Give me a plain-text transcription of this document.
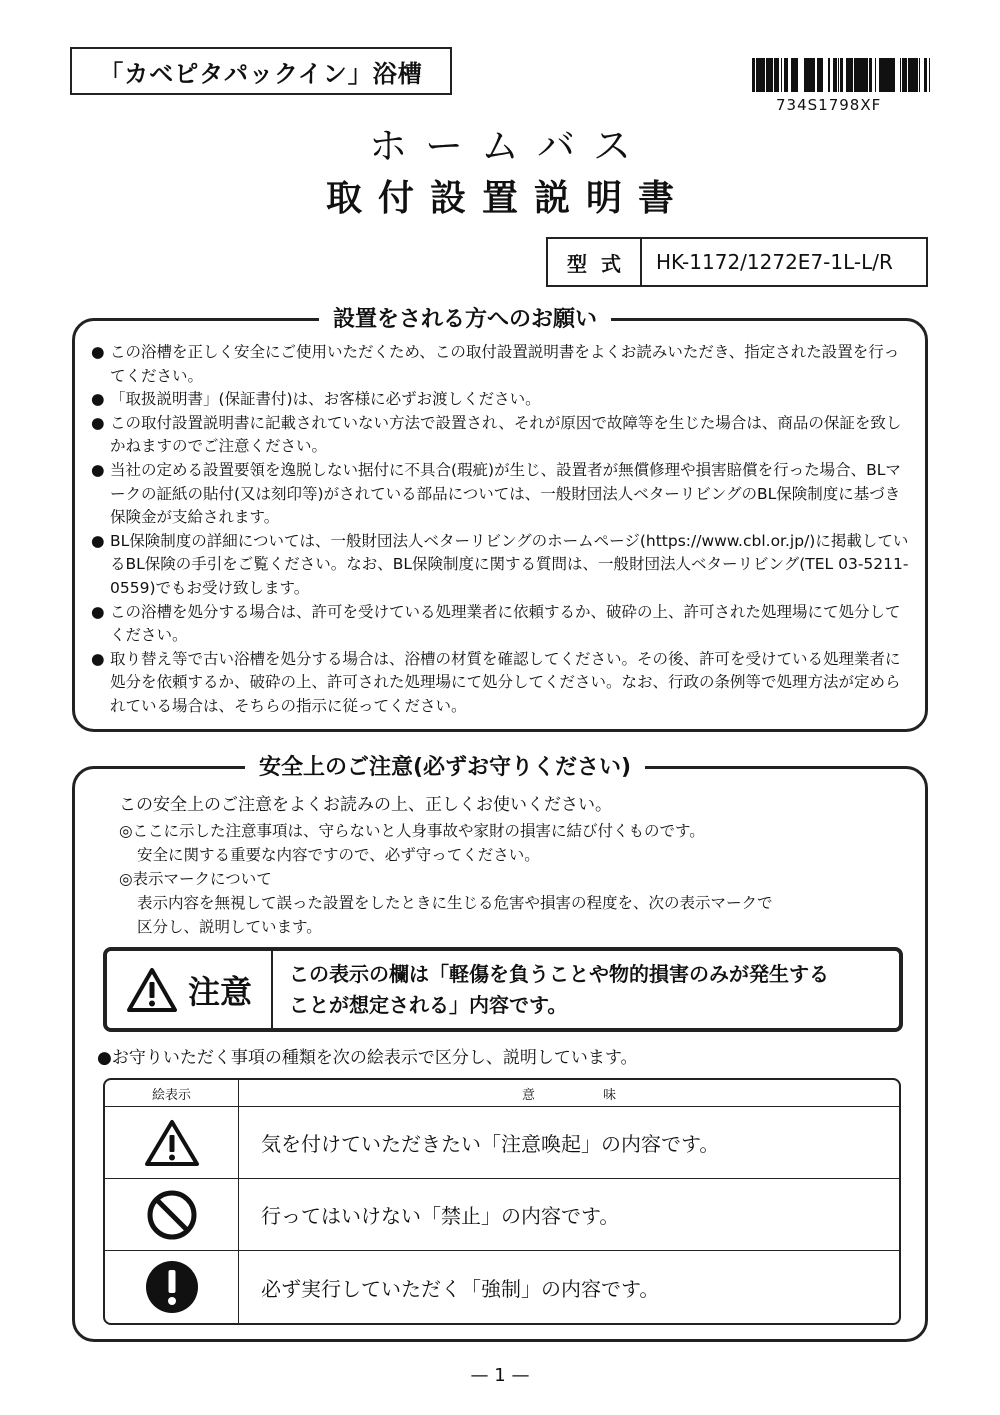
「カベピタパックイン」浴槽
734S1798XF
ホームバス
取付設置説明書
型式	HK-1172/1272E7-1L-L/R
設置をされる方へのお願い
● この浴槽を正しく安全にご使用いただくため、この取付設置説明書をよくお読みいただき、指定された設置を行ってください。
● 「取扱説明書」(保証書付)は、お客様に必ずお渡しください。
● この取付設置説明書に記載されていない方法で設置され、それが原因で故障等を生じた場合は、商品の保証を致しかねますのでご注意ください。
● 当社の定める設置要領を逸脱しない据付に不具合(瑕疵)が生じ、設置者が無償修理や損害賠償を行った場合、BLマークの証紙の貼付(又は刻印等)がされている部品については、一般財団法人ベターリビングのBL保険制度に基づき保険金が支給されます。
● BL保険制度の詳細については、一般財団法人ベターリビングのホームページ(https://www.cbl.or.jp/)に掲載しているBL保険の手引をご覧ください。なお、BL保険制度に関する質問は、一般財団法人ベターリビング(TEL 03-5211-0559)でもお受け致します。
● この浴槽を処分する場合は、許可を受けている処理業者に依頼するか、破砕の上、許可された処理場にて処分してください。
● 取り替え等で古い浴槽を処分する場合は、浴槽の材質を確認してください。その後、許可を受けている処理業者に処分を依頼するか、破砕の上、許可された処理場にて処分してください。なお、行政の条例等で処理方法が定められている場合は、そちらの指示に従ってください。
安全上のご注意(必ずお守りください)
この安全上のご注意をよくお読みの上、正しくお使いください。
◎ここに示した注意事項は、守らないと人身事故や家財の損害に結び付くものです。
安全に関する重要な内容ですので、必ず守ってください。
◎表示マークについて
表示内容を無視して誤った設置をしたときに生じる危害や損害の程度を、次の表示マークで
区分し、説明しています。
注意 この表示の欄は「軽傷を負うことや物的損害のみが発生する
ことが想定される」内容です。
●お守りいただく事項の種類を次の絵表示で区分し、説明しています。
絵表示	意味
気を付けていただきたい「注意喚起」の内容です。
行ってはいけない「禁止」の内容です。
必ず実行していただく「強制」の内容です。
— 1 —
